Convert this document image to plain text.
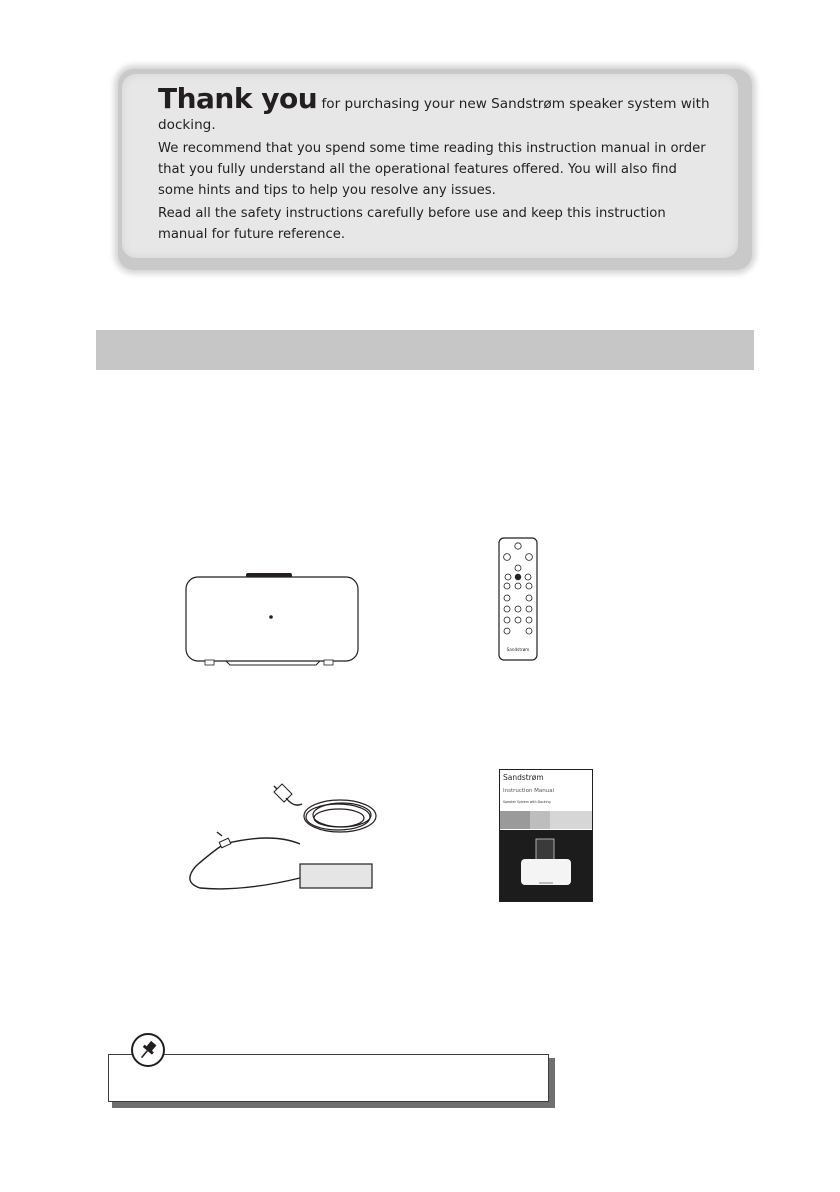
Thank you for purchasing your new Sandstrøm speaker system with docking.

We recommend that you spend some time reading this instruction manual in order that you fully understand all the operational features offered. You will also find some hints and tips to help you resolve any issues.

Read all the safety instructions carefully before use and keep this instruction manual for future reference.

Sandstrøm
Sandstrøm
Instruction Manual
Speaker System with Docking
